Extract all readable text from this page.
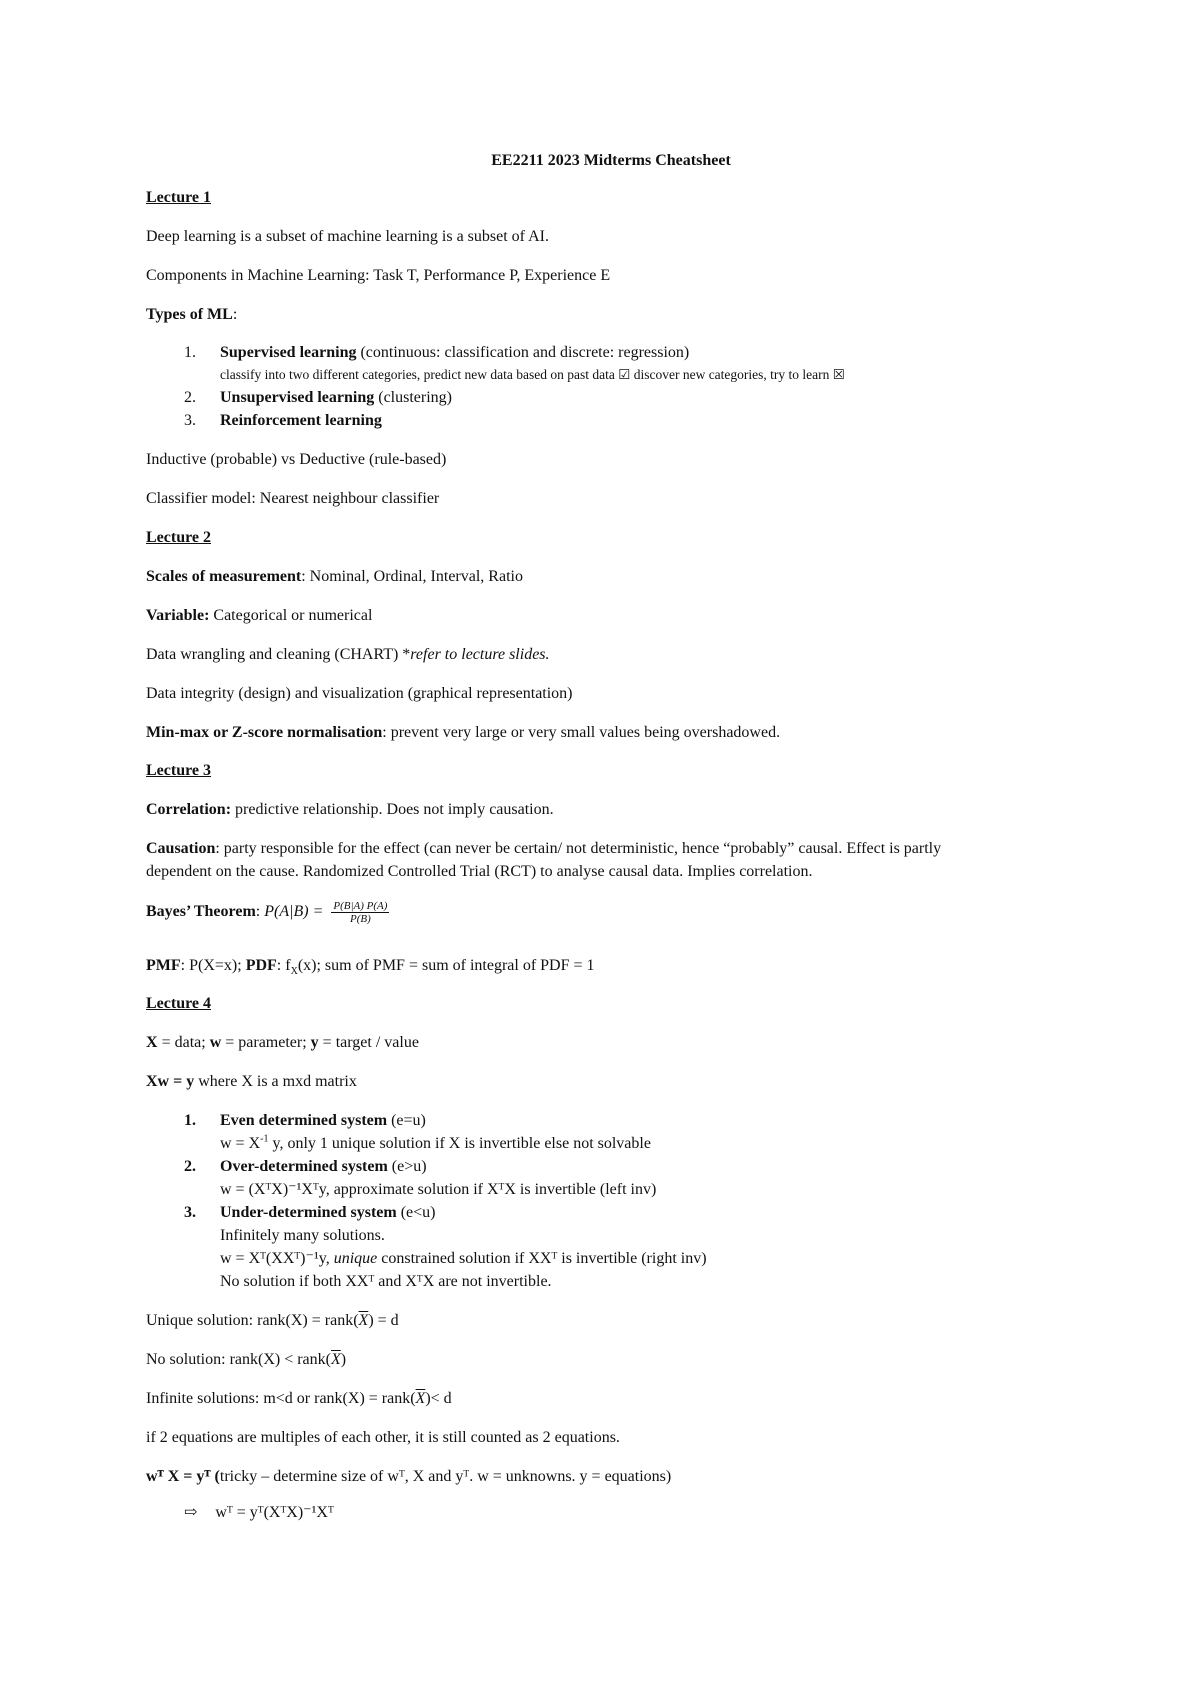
EE2211 2023 Midterms Cheatsheet
Lecture 1
Deep learning is a subset of machine learning is a subset of AI.
Components in Machine Learning: Task T, Performance P, Experience E
Types of ML:
1. Supervised learning (continuous: classification and discrete: regression)
classify into two different categories, predict new data based on past data ☑ discover new categories, try to learn ☒
2. Unsupervised learning (clustering)
3. Reinforcement learning
Inductive (probable) vs Deductive (rule-based)
Classifier model: Nearest neighbour classifier
Lecture 2
Scales of measurement: Nominal, Ordinal, Interval, Ratio
Variable: Categorical or numerical
Data wrangling and cleaning (CHART) *refer to lecture slides.
Data integrity (design) and visualization (graphical representation)
Min-max or Z-score normalisation: prevent very large or very small values being overshadowed.
Lecture 3
Correlation: predictive relationship. Does not imply causation.
Causation: party responsible for the effect (can never be certain/ not deterministic, hence “probably” causal. Effect is partly
dependent on the cause. Randomized Controlled Trial (RCT) to analyse causal data. Implies correlation.
Bayes’ Theorem: $P(A|B) = \frac{P(B|A) P(A)}{P(B)}$
PMF: P(X=x); PDF: $f_X(x)$; sum of PMF = sum of integral of PDF = 1
Lecture 4
X = data; w = parameter; y = target / value
Xw = y where X is a mxd matrix
1. Even determined system (e=u)
$w = X^{-1}$ y, only 1 unique solution if X is invertible else not solvable
2. Over-determined system (e>u)
w = (XᵀX)⁻¹Xᵀy, approximate solution if XᵀX is invertible (left inv)
3. Under-determined system (e<u)
Infinitely many solutions.
w = Xᵀ(XXᵀ)⁻¹y, unique constrained solution if XXᵀ is invertible (right inv)
No solution if both XXᵀ and XᵀX are not invertible.
Unique solution: rank(X) = $rank(\overline{X}) = d$
No solution: rank(X) < $rank(\overline{X})$
Infinite solutions: m<d or rank(X) = $rank(\overline{X})< d$
if 2 equations are multiples of each other, it is still counted as 2 equations.
wᵀ X = yᵀ (tricky – determine size of wᵀ, X and yᵀ. w = unknowns. y = equations)
⇨ wᵀ = yᵀ(XᵀX)⁻¹Xᵀ
